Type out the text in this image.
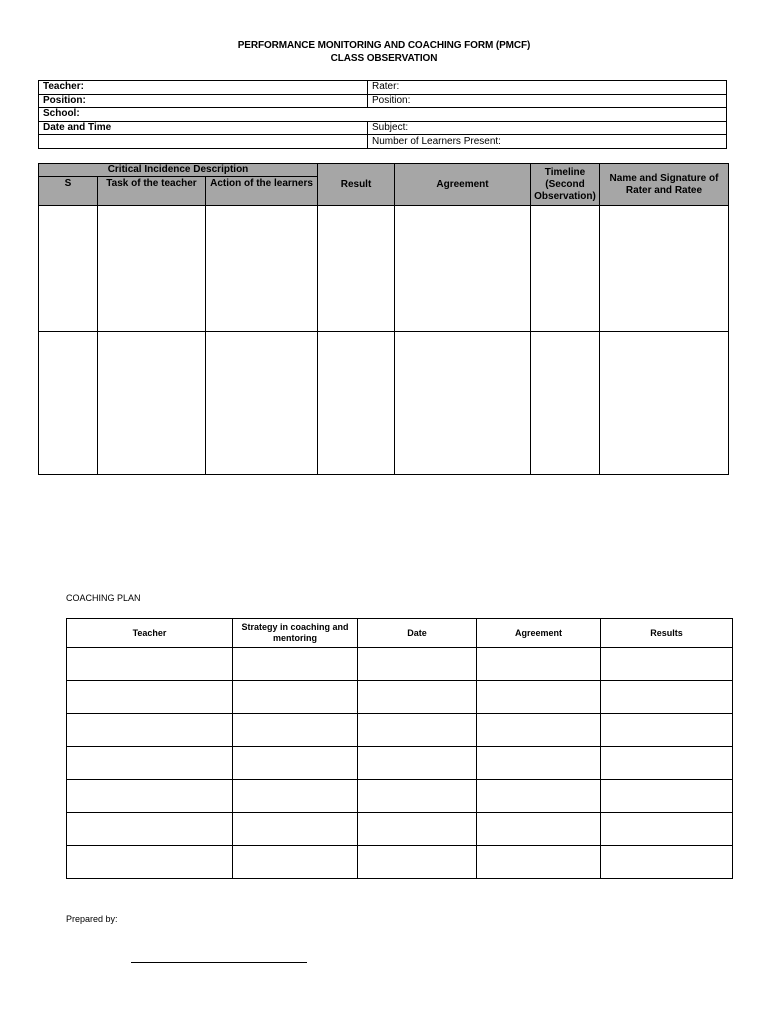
PERFORMANCE MONITORING AND COACHING FORM (PMCF)
CLASS OBSERVATION
Teacher:	Rater:
Position:	Position:
School:	
Date and Time	Subject:
	Number of Learners Present:
Critical Incidence Description			Result	Agreement	Timeline (Second Observation)	Name and Signature of Rater and Ratee
S	Task of the teacher	Action of the learners				

COACHING PLAN
Teacher	Strategy in coaching and mentoring	Date	Agreement	Results

Prepared by:
